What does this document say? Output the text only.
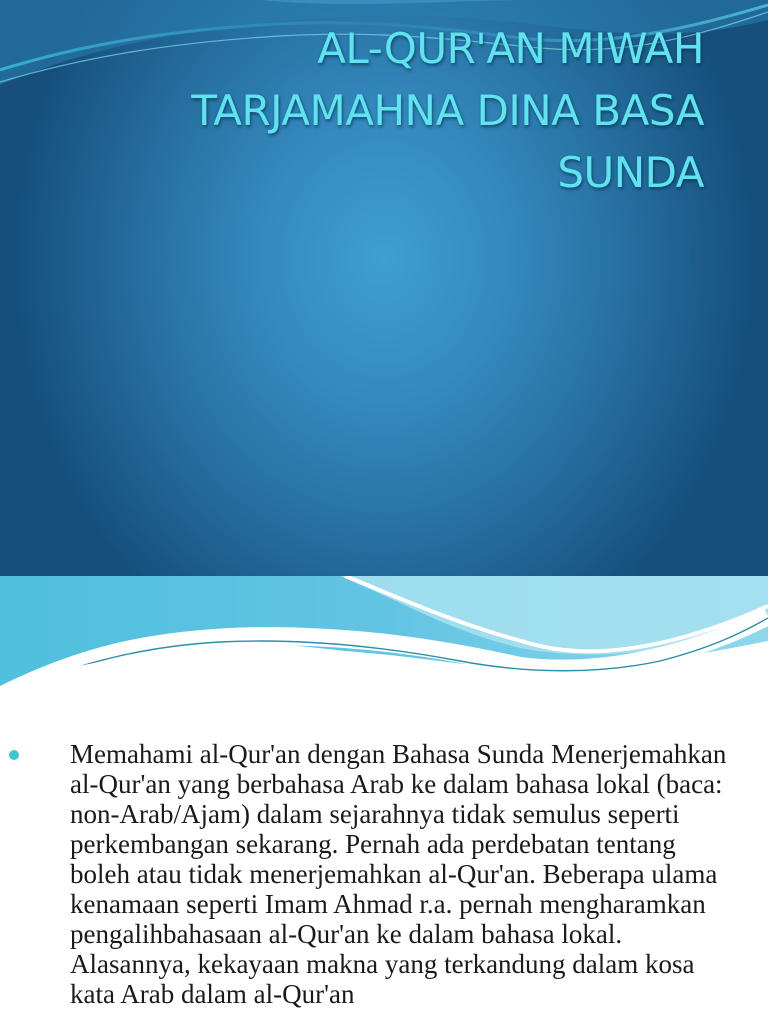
AL-QUR'AN MIWAH TARJAMAHNA DINA BASA SUNDA

Memahami al-Qur'an dengan Bahasa Sunda Menerjemahkan al-Qur'an yang berbahasa Arab ke dalam bahasa lokal (baca: non-Arab/Ajam) dalam sejarahnya tidak semulus seperti perkembangan sekarang. Pernah ada perdebatan tentang boleh atau tidak menerjemahkan al-Qur'an. Beberapa ulama kenamaan seperti Imam Ahmad r.a. pernah mengharamkan pengalihbahasaan al-Qur'an ke dalam bahasa lokal. Alasannya, kekayaan makna yang terkandung dalam kosa kata Arab dalam al-Qur'an
